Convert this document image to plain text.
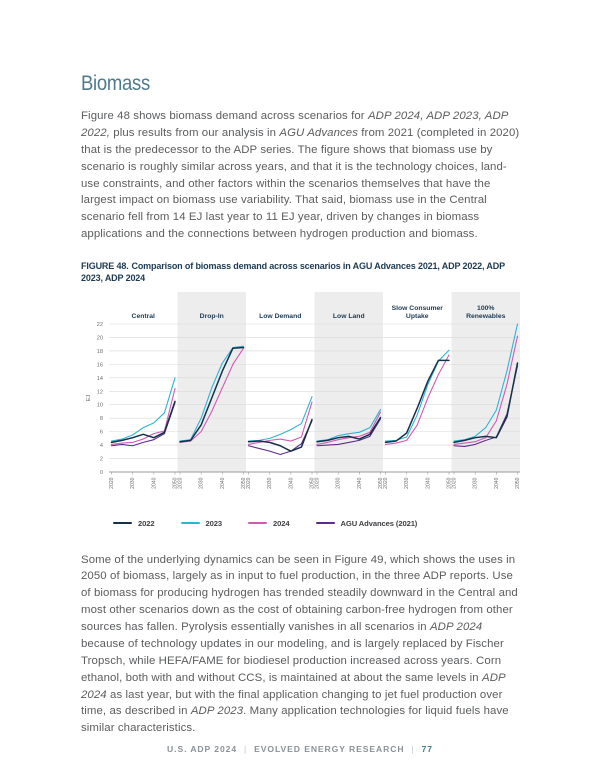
Biomass

Figure 48 shows biomass demand across scenarios for ADP 2024, ADP 2023, ADP 2022, plus results from our analysis in AGU Advances from 2021 (completed in 2020) that is the predecessor to the ADP series. The figure shows that biomass use by scenario is roughly similar across years, and that it is the technology choices, land-use constraints, and other factors within the scenarios themselves that have the largest impact on biomass use variability. That said, biomass use in the Central scenario fell from 14 EJ last year to 11 EJ year, driven by changes in biomass applications and the connections between hydrogen production and biomass.

FIGURE 48. Comparison of biomass demand across scenarios in AGU Advances 2021, ADP 2022, ADP 2023, ADP 2024

0
2
4
6
8
10
12
14
16
18
20
22
EJ
Central	Drop-In	Low Demand	Low Land
Slow Consumer Uptake
100% Renewables
2020	2030	2040	2050 2020	2030	2040	2050 2020	2030	2040	2050 2020	2030	2040	2050 2020	2030	2040	2050 2020	2030	2040	2050
2022	2023	2024	AGU Advances (2021)

Some of the underlying dynamics can be seen in Figure 49, which shows the uses in 2050 of biomass, largely as in input to fuel production, in the three ADP reports. Use of biomass for producing hydrogen has trended steadily downward in the Central and most other scenarios down as the cost of obtaining carbon-free hydrogen from other sources has fallen. Pyrolysis essentially vanishes in all scenarios in ADP 2024 because of technology updates in our modeling, and is largely replaced by Fischer Tropsch, while HEFA/FAME for biodiesel production increased across years. Corn ethanol, both with and without CCS, is maintained at about the same levels in ADP 2024 as last year, but with the final application changing to jet fuel production over time, as described in ADP 2023. Many application technologies for liquid fuels have similar characteristics.

U.S. ADP 2024 | EVOLVED ENERGY RESEARCH | 77
